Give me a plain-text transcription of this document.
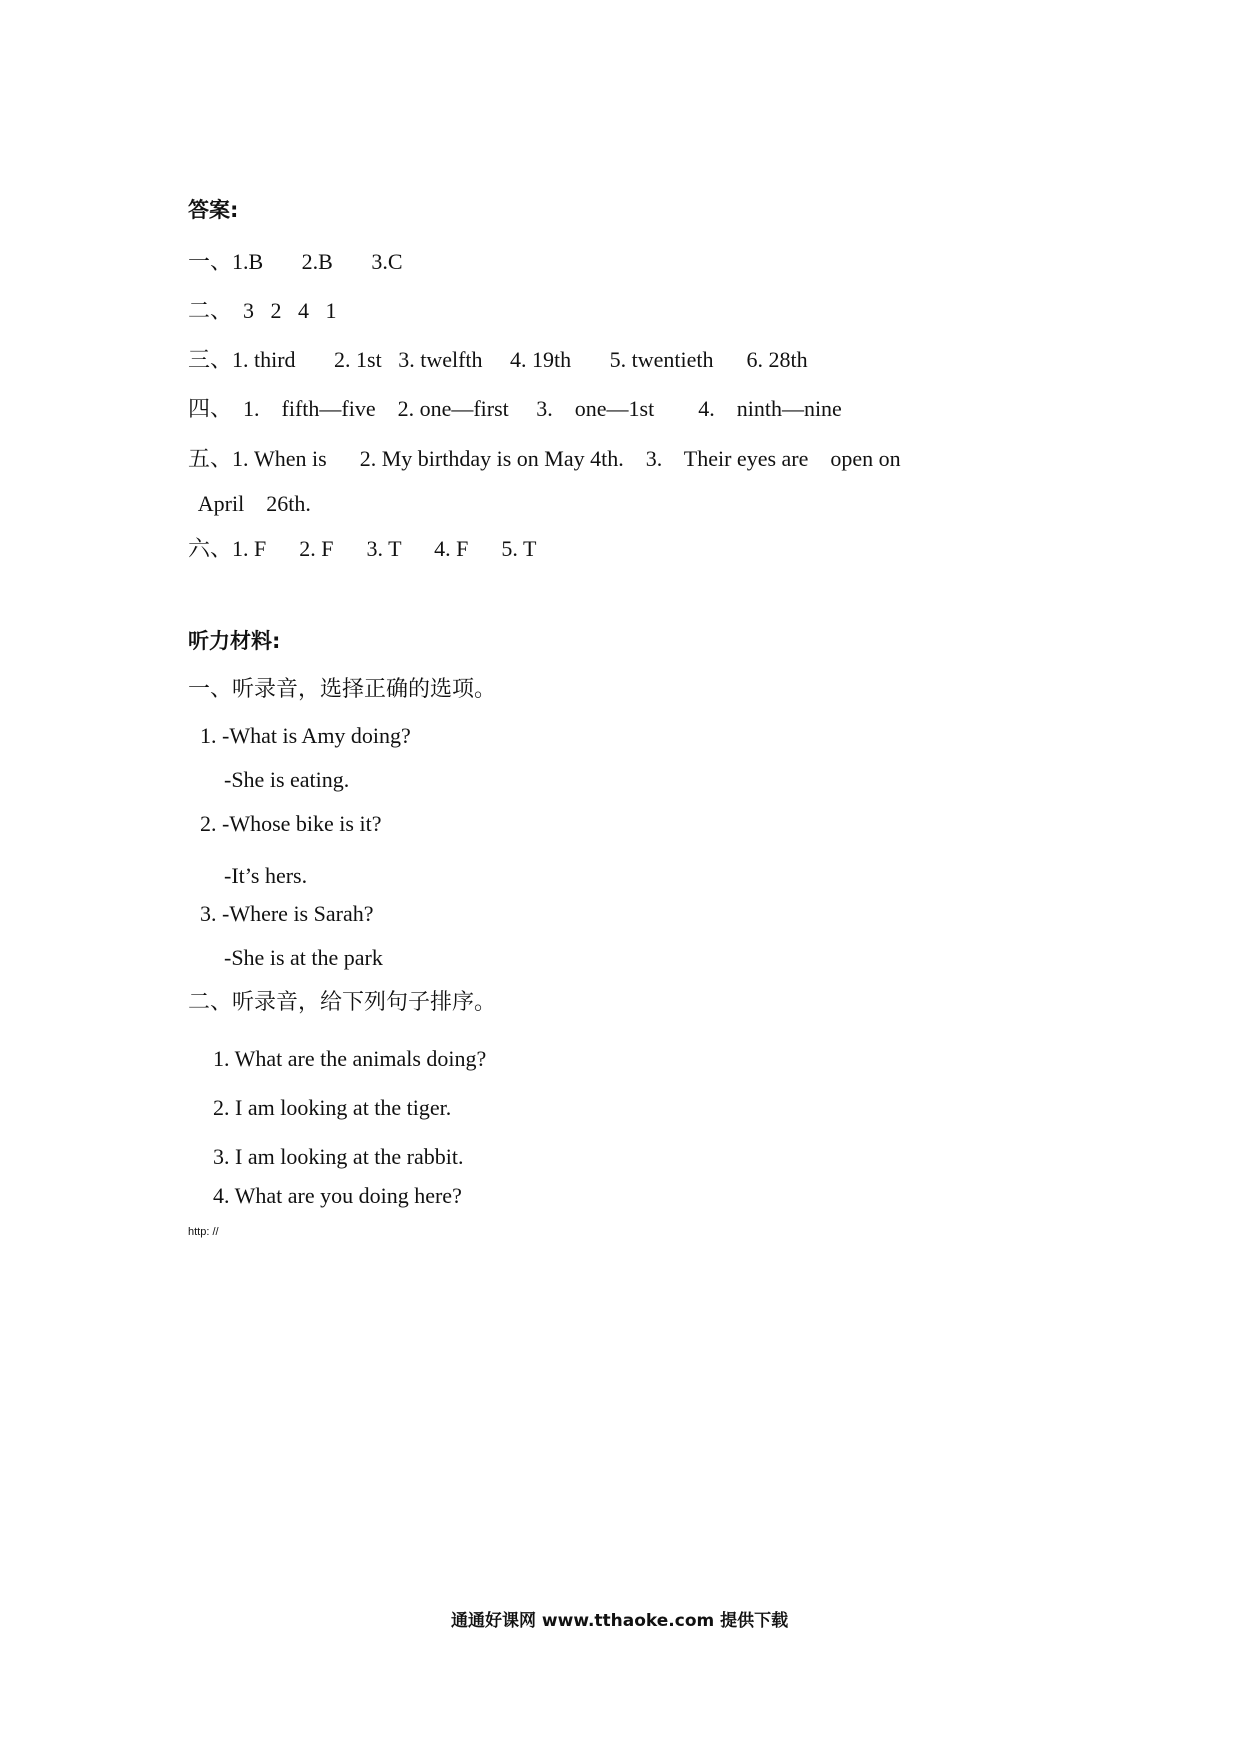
答案:
一、1.B       2.B       3.C
二、  3   2   4   1
三、1. third       2. 1st   3. twelfth     4. 19th       5. twentieth      6. 28th
四、  1.    fifth—five    2. one—first     3.    one—1st        4.    ninth—nine
五、1. When is      2. My birthday is on May 4th.    3.    Their eyes are    open on
April    26th.
六、1. F      2. F      3. T      4. F      5. T
听力材料:
一、听录音，选择正确的选项。
1. -What is Amy doing?
-She is eating.
2. -Whose bike is it?
-It’s hers.
3. -Where is Sarah?
-She is at the park
二、听录音，给下列句子排序。
1. What are the animals doing?
2. I am looking at the tiger.
3. I am looking at the rabbit.
4. What are you doing here?
http: //
通通好课网 www.tthaoke.com 提供下载
